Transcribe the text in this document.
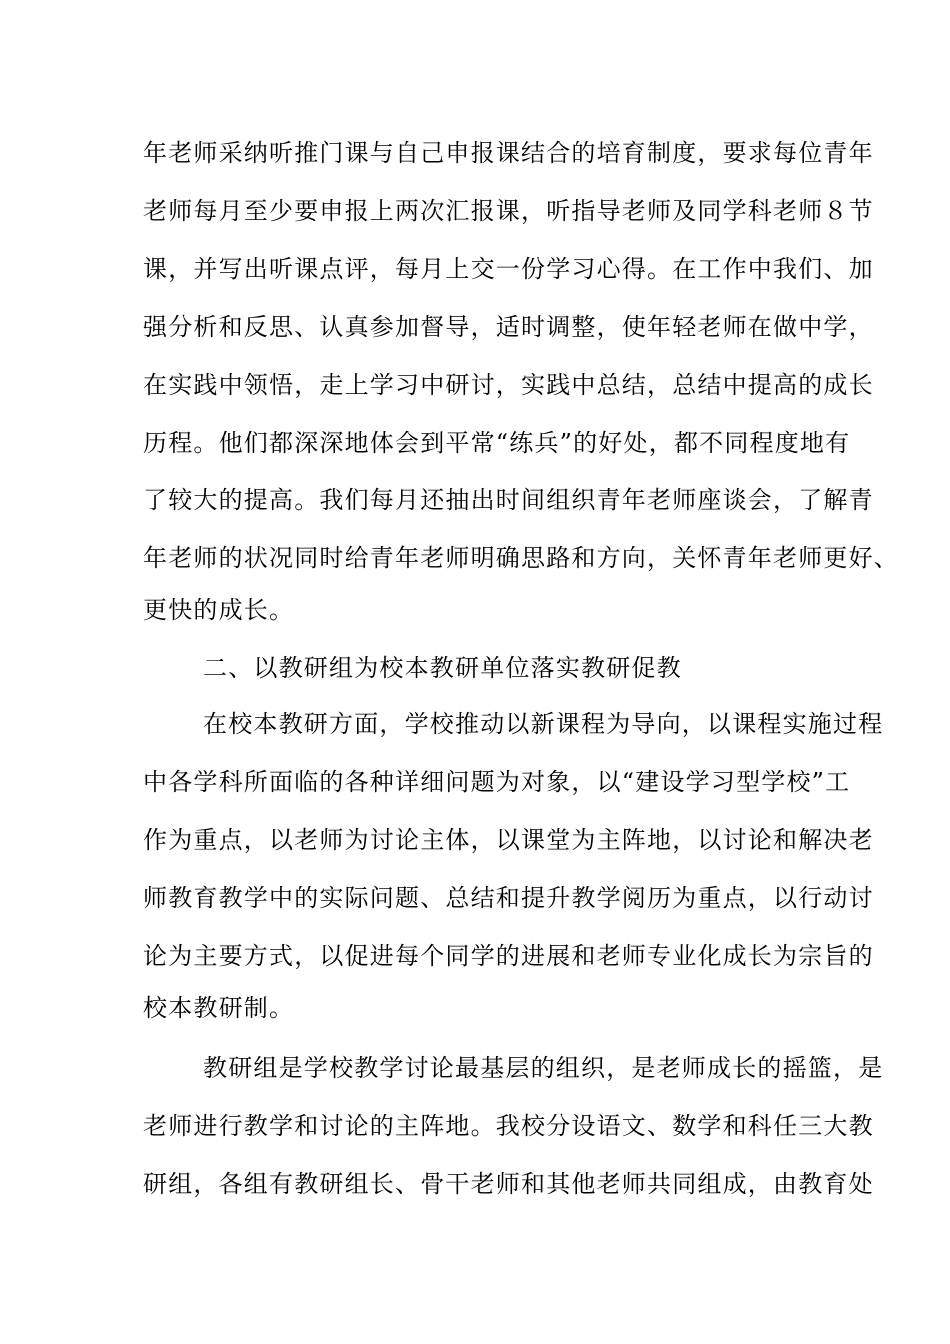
年老师采纳听推门课与自己申报课结合的培育制度，要求每位青年
老师每月至少要申报上两次汇报课，听指导老师及同学科老师８节
课，并写出听课点评，每月上交一份学习心得。在工作中我们、加
强分析和反思、认真参加督导，适时调整，使年轻老师在做中学，
在实践中领悟，走上学习中研讨，实践中总结，总结中提高的成长
历程。他们都深深地体会到平常“练兵”的好处，都不同程度地有
了较大的提高。我们每月还抽出时间组织青年老师座谈会，了解青
年老师的状况同时给青年老师明确思路和方向，关怀青年老师更好、
更快的成长。
二、以教研组为校本教研单位落实教研促教
在校本教研方面，学校推动以新课程为导向，以课程实施过程
中各学科所面临的各种详细问题为对象，以“建设学习型学校”工
作为重点，以老师为讨论主体，以课堂为主阵地，以讨论和解决老
师教育教学中的实际问题、总结和提升教学阅历为重点，以行动讨
论为主要方式，以促进每个同学的进展和老师专业化成长为宗旨的
校本教研制。
教研组是学校教学讨论最基层的组织，是老师成长的摇篮，是
老师进行教学和讨论的主阵地。我校分设语文、数学和科任三大教
研组，各组有教研组长、骨干老师和其他老师共同组成，由教育处
